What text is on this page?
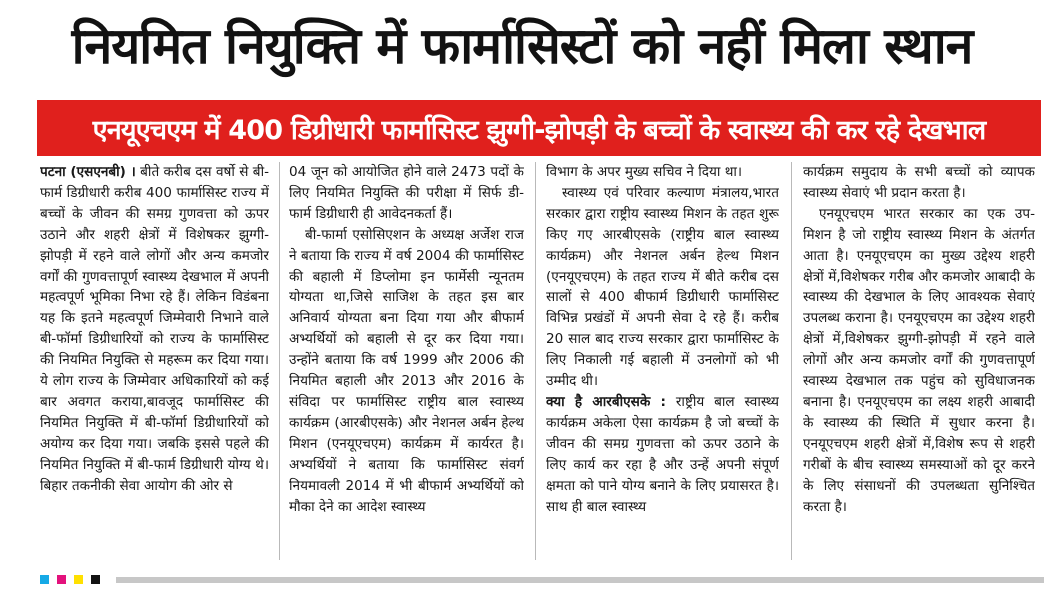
नियमित नियुक्ति में फार्मासिस्टों को नहीं मिला स्थान
एनयूएचएम में 400 डिग्रीधारी फार्मासिस्ट झुग्गी-झोपड़ी के बच्चों के स्वास्थ्य की कर रहे देखभाल

पटना (एसएनबी) । बीते करीब दस वर्षो से बी-फार्म डिग्रीधारी करीब 400 फार्मासिस्ट राज्य में बच्चों के जीवन की समग्र गुणवत्ता को ऊपर उठाने और शहरी क्षेत्रों में विशेषकर झुग्गी-झोपड़ी में रहने वाले लोगों और अन्य कमजोर वर्गों की गुणवत्तापूर्ण स्वास्थ्य देखभाल में अपनी महत्वपूर्ण भूमिका निभा रहे हैं। लेकिन विडंबना यह कि इतने महत्वपूर्ण जिम्मेवारी निभाने वाले बी-फॉर्मा डिग्रीधारियों को राज्य के फार्मासिस्ट की नियमित नियुक्ति से महरूम कर दिया गया। ये लोग राज्य के जिम्मेवार अधिकारियों को कई बार अवगत कराया,बावजूद फार्मासिस्ट की नियमित नियुक्ति में बी-फॉर्मा डिग्रीधारियों को अयोग्य कर दिया गया। जबकि इससे पहले की नियमित नियुक्ति में बी-फार्म डिग्रीधारी योग्य थे। बिहार तकनीकी सेवा आयोग की ओर से

04 जून को आयोजित होने वाले 2473 पदों के लिए नियमित नियुक्ति की परीक्षा में सिर्फ डी-फार्म डिग्रीधारी ही आवेदनकर्ता हैं।

बी-फार्मा एसोसिएशन के अध्यक्ष अर्जेश राज ने बताया कि राज्य में वर्ष 2004 की फार्मासिस्ट की बहाली में डिप्लोमा इन फार्मेसी न्यूनतम योग्यता था,जिसे साजिश के तहत इस बार अनिवार्य योग्यता बना दिया गया और बीफार्म अभ्यर्थियों को बहाली से दूर कर दिया गया। उन्होंने बताया कि वर्ष 1999 और 2006 की नियमित बहाली और 2013 और 2016 के संविदा पर फार्मासिस्ट राष्ट्रीय बाल स्वास्थ्य कार्यक्रम (आरबीएसके) और नेशनल अर्बन हेल्थ मिशन (एनयूएचएम) कार्यक्रम में कार्यरत है। अभ्यर्थियों ने बताया कि फार्मासिस्ट संवर्ग नियमावली 2014 में भी बीफार्म अभ्यर्थियों को मौका देने का आदेश स्वास्थ्य

विभाग के अपर मुख्य सचिव ने दिया था।

स्वास्थ्य एवं परिवार कल्याण मंत्रालय,भारत सरकार द्वारा राष्ट्रीय स्वास्थ्य मिशन के तहत शुरू किए गए आरबीएसके (राष्ट्रीय बाल स्वास्थ्य कार्यक्रम) और नेशनल अर्बन हेल्थ मिशन (एनयूएचएम) के तहत राज्य में बीते करीब दस सालों से 400 बीफार्म डिग्रीधारी फार्मासिस्ट विभिन्न प्रखंडों में अपनी सेवा दे रहे हैं। करीब 20 साल बाद राज्य सरकार द्वारा फार्मासिस्ट के लिए निकाली गई बहाली में उनलोगों को भी उम्मीद थी।

क्या है आरबीएसके : राष्ट्रीय बाल स्वास्थ्य कार्यक्रम अकेला ऐसा कार्यक्रम है जो बच्चों के जीवन की समग्र गुणवत्ता को ऊपर उठाने के लिए कार्य कर रहा है और उन्हें अपनी संपूर्ण क्षमता को पाने योग्य बनाने के लिए प्रयासरत है। साथ ही बाल स्वास्थ्य

कार्यक्रम समुदाय के सभी बच्चों को व्यापक स्वास्थ्य सेवाएं भी प्रदान करता है।

एनयूएचएम भारत सरकार का एक उप-मिशन है जो राष्ट्रीय स्वास्थ्य मिशन के अंतर्गत आता है। एनयूएचएम का मुख्य उद्देश्य शहरी क्षेत्रों में,विशेषकर गरीब और कमजोर आबादी के स्वास्थ्य की देखभाल के लिए आवश्यक सेवाएं उपलब्ध कराना है। एनयूएचएम का उद्देश्य शहरी क्षेत्रों में,विशेषकर झुग्गी-झोपड़ी में रहने वाले लोगों और अन्य कमजोर वर्गों की गुणवत्तापूर्ण स्वास्थ्य देखभाल तक पहुंच को सुविधाजनक बनाना है। एनयूएचएम का लक्ष्य शहरी आबादी के स्वास्थ्य की स्थिति में सुधार करना है। एनयूएचएम शहरी क्षेत्रों में,विशेष रूप से शहरी गरीबों के बीच स्वास्थ्य समस्याओं को दूर करने के लिए संसाधनों की उपलब्धता सुनिश्चित करता है।
